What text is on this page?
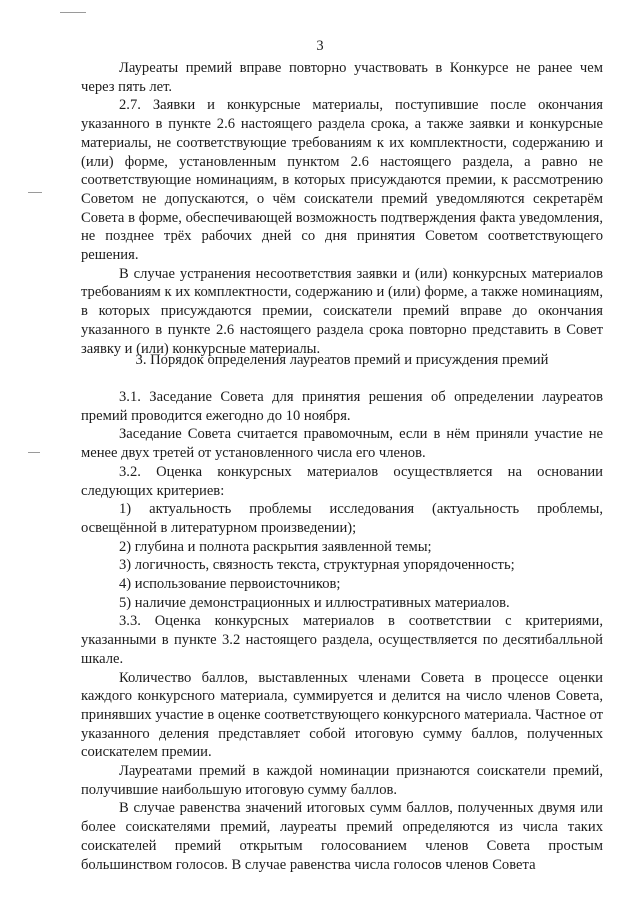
3

Лауреаты премий вправе повторно участвовать в Конкурсе не ранее чем через пять лет.

2.7. Заявки и конкурсные материалы, поступившие после окончания указанного в пункте 2.6 настоящего раздела срока, а также заявки и конкурсные материалы, не соответствующие требованиям к их комплектности, содержанию и (или) форме, установленным пунктом 2.6 настоящего раздела, а равно не соответствующие номинациям, в которых присуждаются премии, к рассмотрению Советом не допускаются, о чём соискатели премий уведомляются секретарём Совета в форме, обеспечивающей возможность подтверждения факта уведомления, не позднее трёх рабочих дней со дня принятия Советом соответствующего решения.

В случае устранения несоответствия заявки и (или) конкурсных материалов требованиям к их комплектности, содержанию и (или) форме, а также номинациям, в которых присуждаются премии, соискатели премий вправе до окончания указанного в пункте 2.6 настоящего раздела срока повторно представить в Совет заявку и (или) конкурсные материалы.

3. Порядок определения лауреатов премий и присуждения премий

3.1. Заседание Совета для принятия решения об определении лауреатов премий проводится ежегодно до 10 ноября.

Заседание Совета считается правомочным, если в нём приняли участие не менее двух третей от установленного числа его членов.

3.2. Оценка конкурсных материалов осуществляется на основании следующих критериев:

1) актуальность проблемы исследования (актуальность проблемы, освещённой в литературном произведении);

2) глубина и полнота раскрытия заявленной темы;

3) логичность, связность текста, структурная упорядоченность;

4) использование первоисточников;

5) наличие демонстрационных и иллюстративных материалов.

3.3. Оценка конкурсных материалов в соответствии с критериями, указанными в пункте 3.2 настоящего раздела, осуществляется по десятибалльной шкале.

Количество баллов, выставленных членами Совета в процессе оценки каждого конкурсного материала, суммируется и делится на число членов Совета, принявших участие в оценке соответствующего конкурсного материала. Частное от указанного деления представляет собой итоговую сумму баллов, полученных соискателем премии.

Лауреатами премий в каждой номинации признаются соискатели премий, получившие наибольшую итоговую сумму баллов.

В случае равенства значений итоговых сумм баллов, полученных двумя или более соискателями премий, лауреаты премий определяются из числа таких соискателей премий открытым голосованием членов Совета простым большинством голосов. В случае равенства числа голосов членов Совета
